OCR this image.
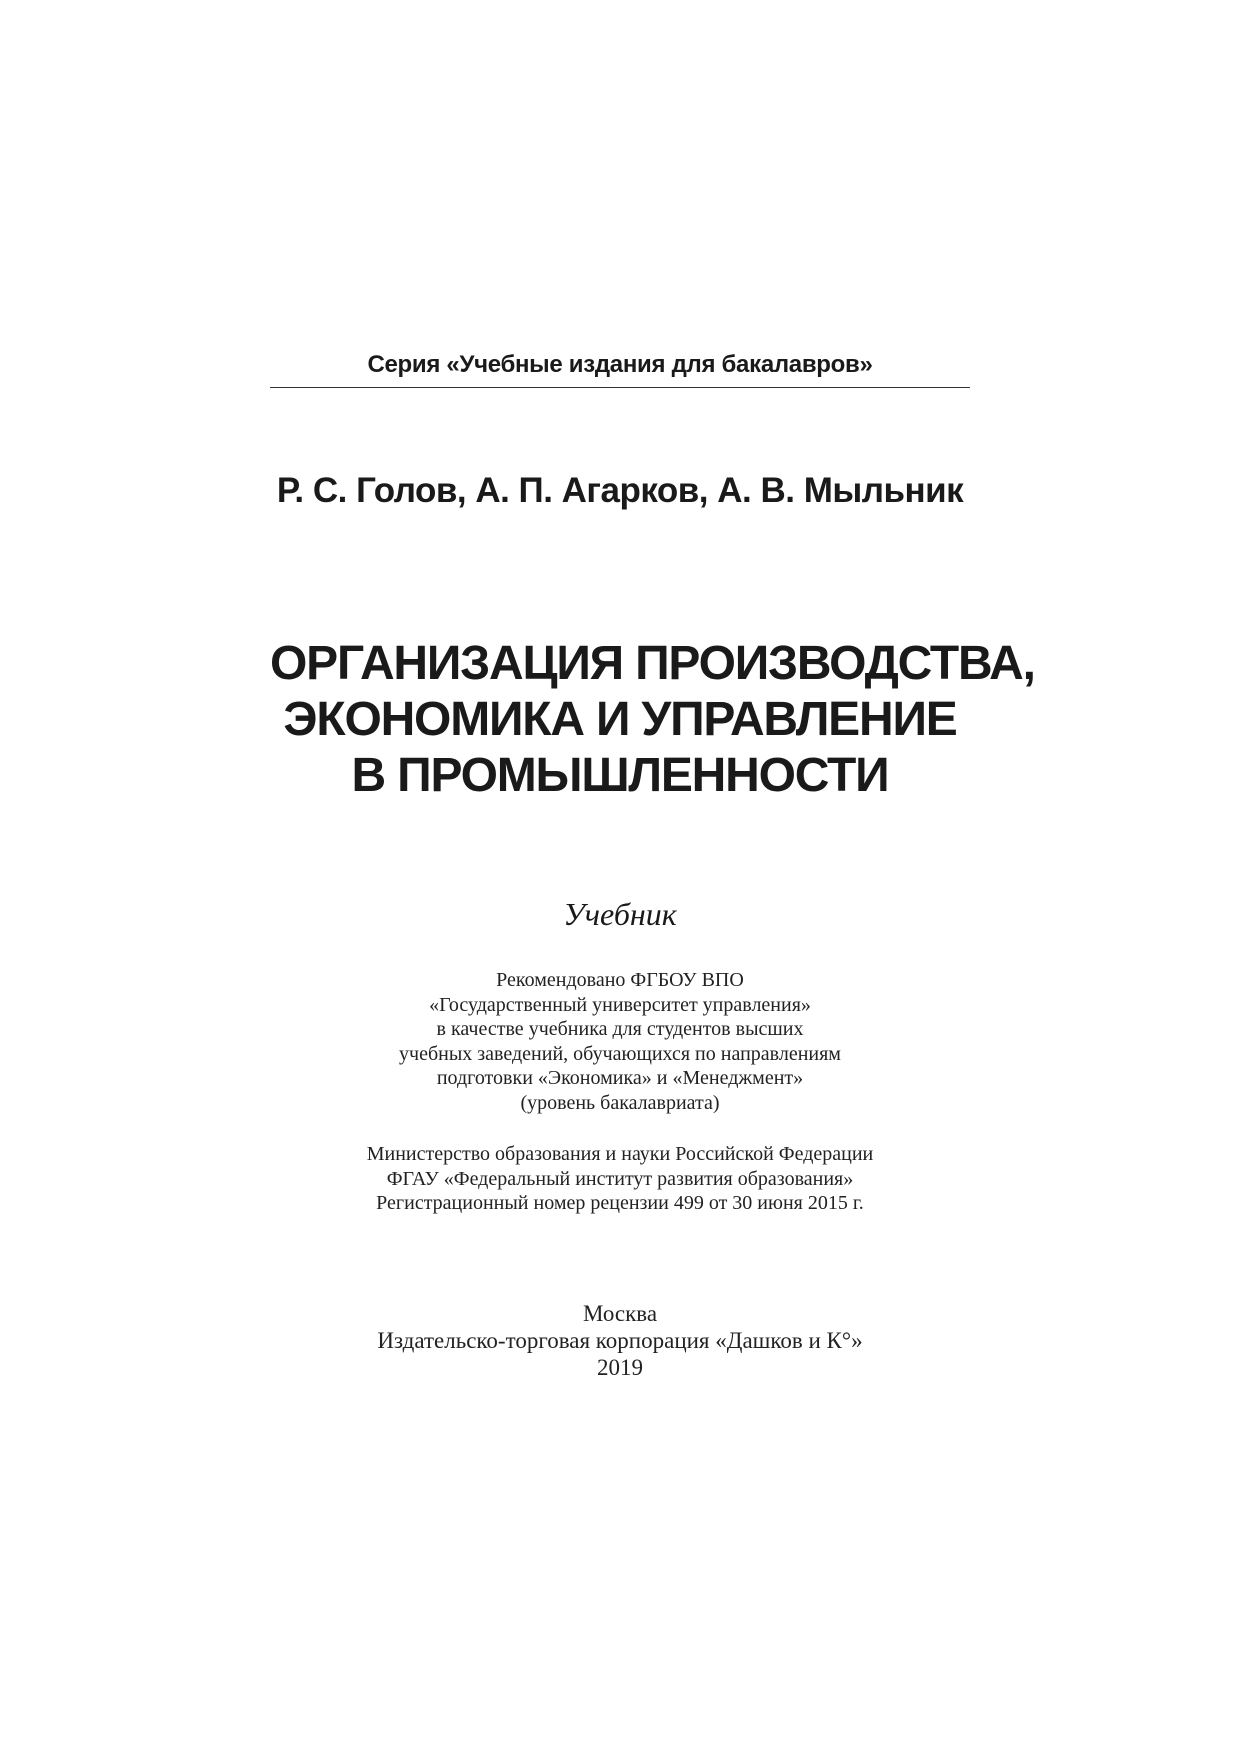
Серия «Учебные издания для бакалавров»
Р. С. Голов, А. П. Агарков, А. В. Мыльник
ОРГАНИЗАЦИЯ ПРОИЗВОДСТВА,
ЭКОНОМИКА И УПРАВЛЕНИЕ
В ПРОМЫШЛЕННОСТИ
Учебник
Рекомендовано ФГБОУ ВПО
«Государственный университет управления»
в качестве учебника для студентов высших
учебных заведений, обучающихся по направлениям
подготовки «Экономика» и «Менеджмент»
(уровень бакалавриата)
Министерство образования и науки Российской Федерации
ФГАУ «Федеральный институт развития образования»
Регистрационный номер рецензии 499 от 30 июня 2015 г.
Москва
Издательско-торговая корпорация «Дашков и К°»
2019
